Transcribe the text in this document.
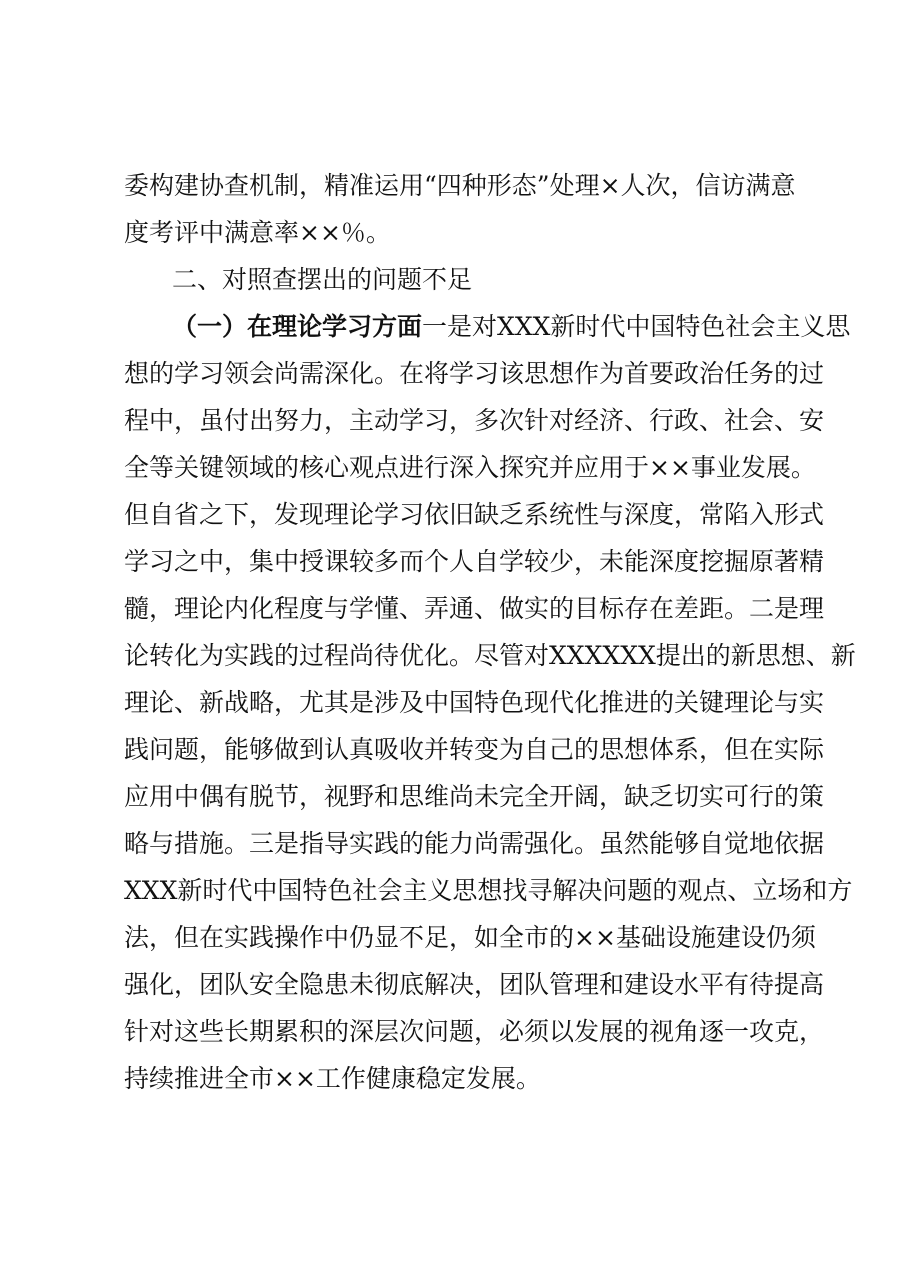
委构建协查机制，精准运用“四种形态”处理×人次，信访满意
度考评中满意率××％。
二、对照查摆出的问题不足
（一）在理论学习方面一是对XXX新时代中国特色社会主义思
想的学习领会尚需深化。在将学习该思想作为首要政治任务的过
程中，虽付出努力，主动学习，多次针对经济、行政、社会、安
全等关键领域的核心观点进行深入探究并应用于××事业发展。
但自省之下，发现理论学习依旧缺乏系统性与深度，常陷入形式
学习之中，集中授课较多而个人自学较少，未能深度挖掘原著精
髓，理论内化程度与学懂、弄通、做实的目标存在差距。二是理
论转化为实践的过程尚待优化。尽管对XXXXXX提出的新思想、新
理论、新战略，尤其是涉及中国特色现代化推进的关键理论与实
践问题，能够做到认真吸收并转变为自己的思想体系，但在实际
应用中偶有脱节，视野和思维尚未完全开阔，缺乏切实可行的策
略与措施。三是指导实践的能力尚需强化。虽然能够自觉地依据
XXX新时代中国特色社会主义思想找寻解决问题的观点、立场和方
法，但在实践操作中仍显不足，如全市的××基础设施建设仍须
强化，团队安全隐患未彻底解决，团队管理和建设水平有待提高
针对这些长期累积的深层次问题，必须以发展的视角逐一攻克，
持续推进全市××工作健康稳定发展。
